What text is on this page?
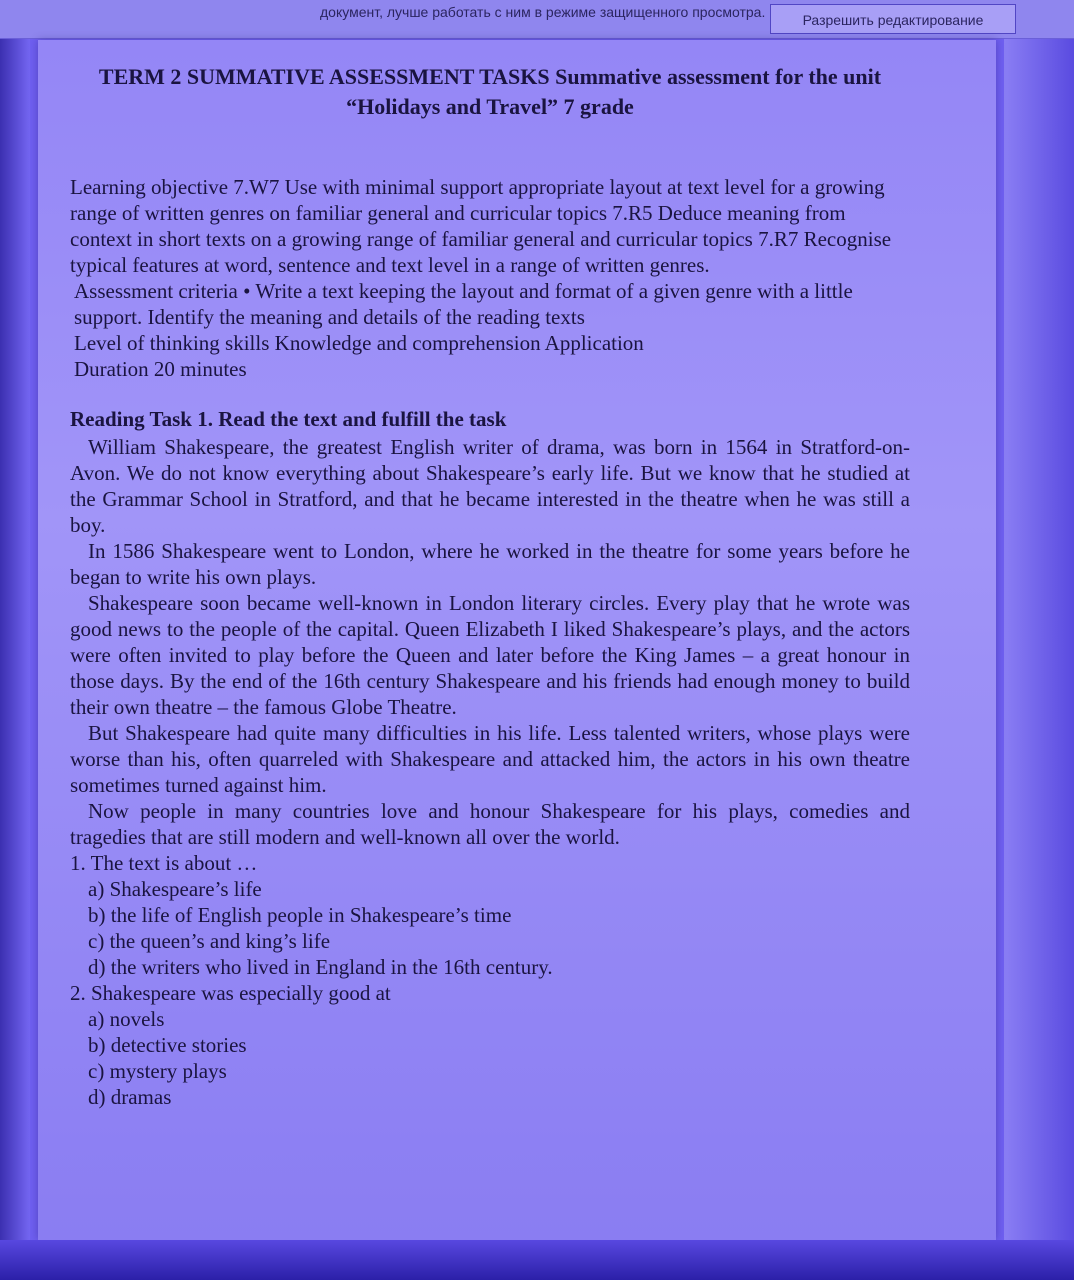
документ, лучше работать с ним в режиме защищенного просмотра.	Разрешить редактирование
TERM 2 SUMMATIVE ASSESSMENT TASKS Summative assessment for the unit “Holidays and Travel” 7 grade

Learning objective 7.W7 Use with minimal support appropriate layout at text level for a growing range of written genres on familiar general and curricular topics 7.R5 Deduce meaning from context in short texts on a growing range of familiar general and curricular topics 7.R7 Recognise typical features at word, sentence and text level in a range of written genres.

Assessment criteria • Write a text keeping the layout and format of a given genre with a little support. Identify the meaning and details of the reading texts

Level of thinking skills Knowledge and comprehension Application

Duration 20 minutes

Reading Task 1. Read the text and fulfill the task

William Shakespeare, the greatest English writer of drama, was born in 1564 in Stratford-on-Avon. We do not know everything about Shakespeare’s early life. But we know that he studied at the Grammar School in Stratford, and that he became interested in the theatre when he was still a boy.

In 1586 Shakespeare went to London, where he worked in the theatre for some years before he began to write his own plays.

Shakespeare soon became well-known in London literary circles. Every play that he wrote was good news to the people of the capital. Queen Elizabeth I liked Shakespeare’s plays, and the actors were often invited to play before the Queen and later before the King James – a great honour in those days. By the end of the 16th century Shakespeare and his friends had enough money to build their own theatre – the famous Globe Theatre.

But Shakespeare had quite many difficulties in his life. Less talented writers, whose plays were worse than his, often quarreled with Shakespeare and attacked him, the actors in his own theatre sometimes turned against him.

Now people in many countries love and honour Shakespeare for his plays, comedies and tragedies that are still modern and well-known all over the world.

1. The text is about …

a) Shakespeare’s life

b) the life of English people in Shakespeare’s time

c) the queen’s and king’s life

d) the writers who lived in England in the 16th century.

2. Shakespeare was especially good at

a) novels

b) detective stories

c) mystery plays

d) dramas
